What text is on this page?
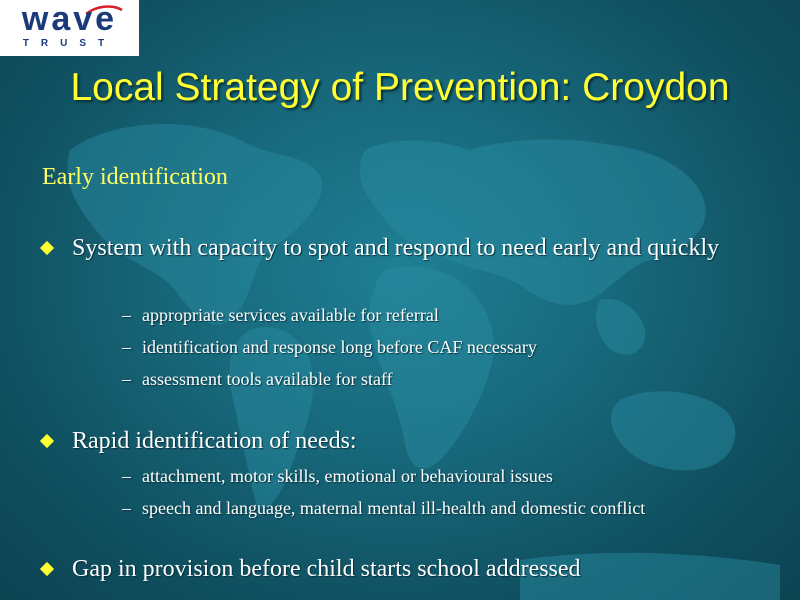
wave
TRUST
Local Strategy of Prevention: Croydon
Early identification
System with capacity to spot and respond to need early and quickly
– appropriate services available for referral
– identification and response long before CAF necessary
– assessment tools available for staff
Rapid identification of needs:
– attachment, motor skills, emotional or behavioural issues
– speech and language, maternal mental ill-health and domestic conflict
Gap in provision before child starts school addressed
